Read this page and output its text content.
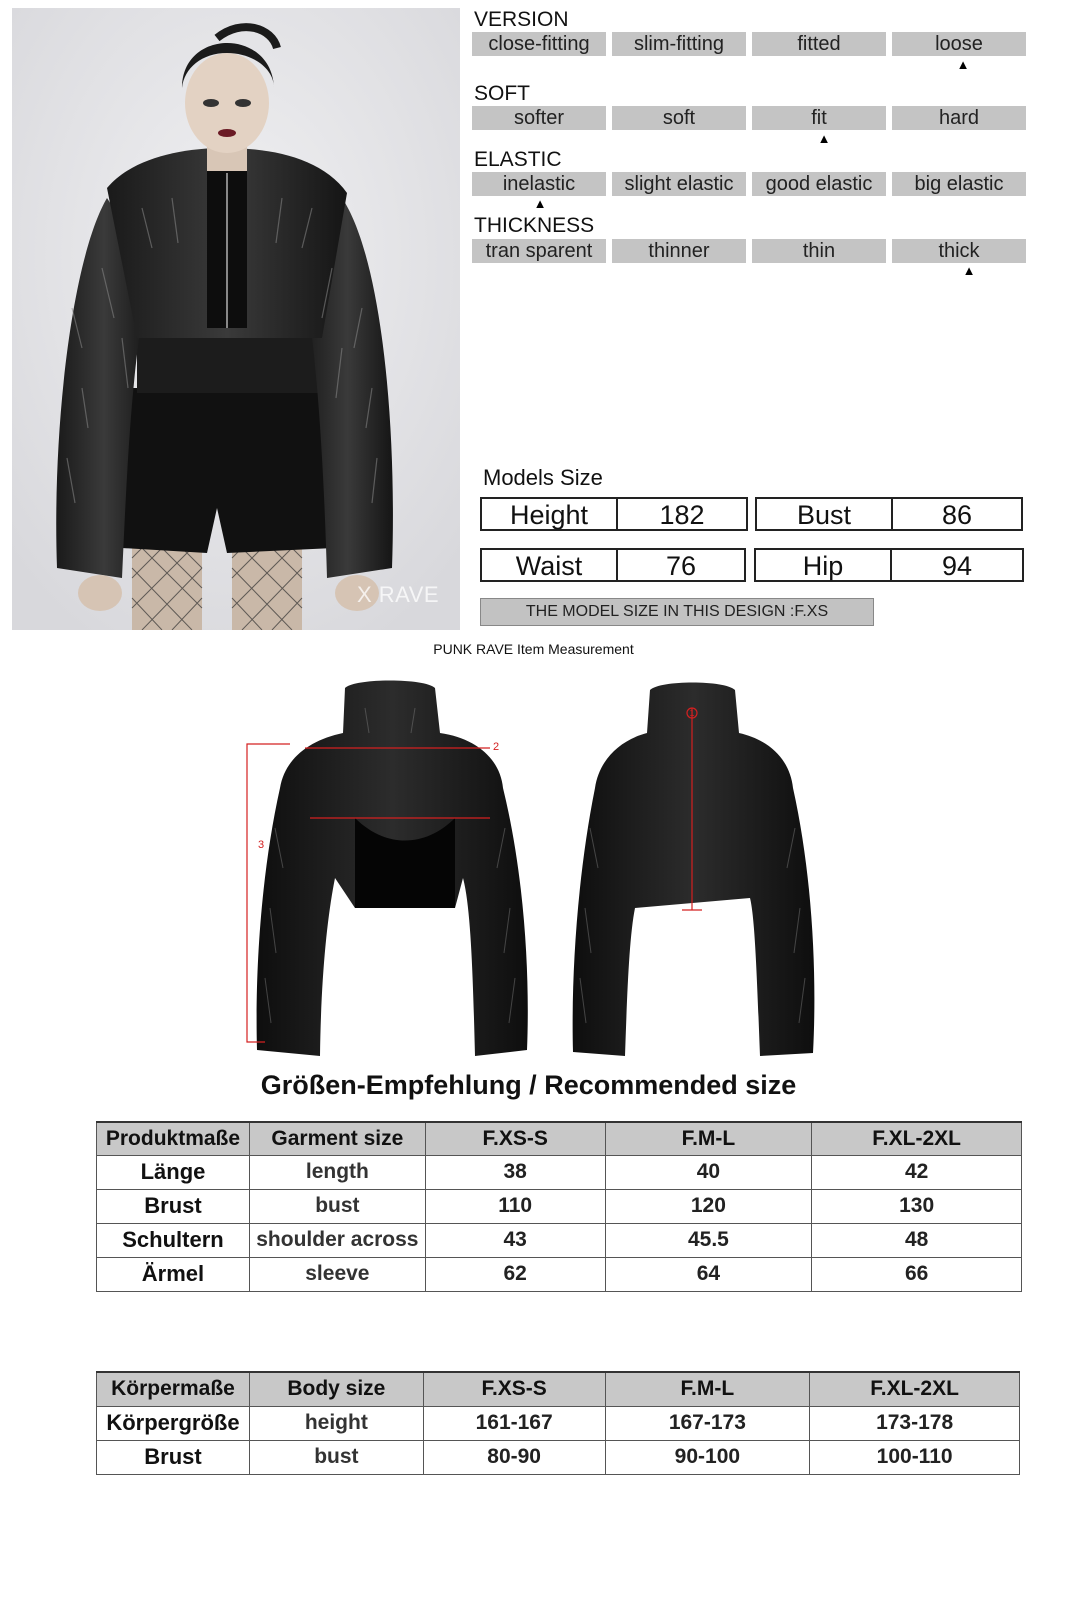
X RAVE
VERSION
close-fitting	slim-fitting	fitted	loose
▲
SOFT
softer	soft	fit	hard
▲
ELASTIC
inelastic	slight elastic	good elastic	big elastic
▲
THICKNESS
tran sparent	thinner	thin	thick
▲
Models Size
Height	182	Bust	86
Waist	76	Hip	94
THE MODEL SIZE IN THIS DESIGN :F.XS
PUNK RAVE Item Measurement
1
2
3
Größen-Empfehlung / Recommended size
Produktmaße	Garment size	F.XS-S	F.M-L	F.XL-2XL
Länge	length	38	40	42
Brust	bust	110	120	130
Schultern	shoulder across	43	45.5	48
Ärmel	sleeve	62	64	66
Körpermaße	Body size	F.XS-S	F.M-L	F.XL-2XL
Körpergröße	height	161-167	167-173	173-178
Brust	bust	80-90	90-100	100-110
